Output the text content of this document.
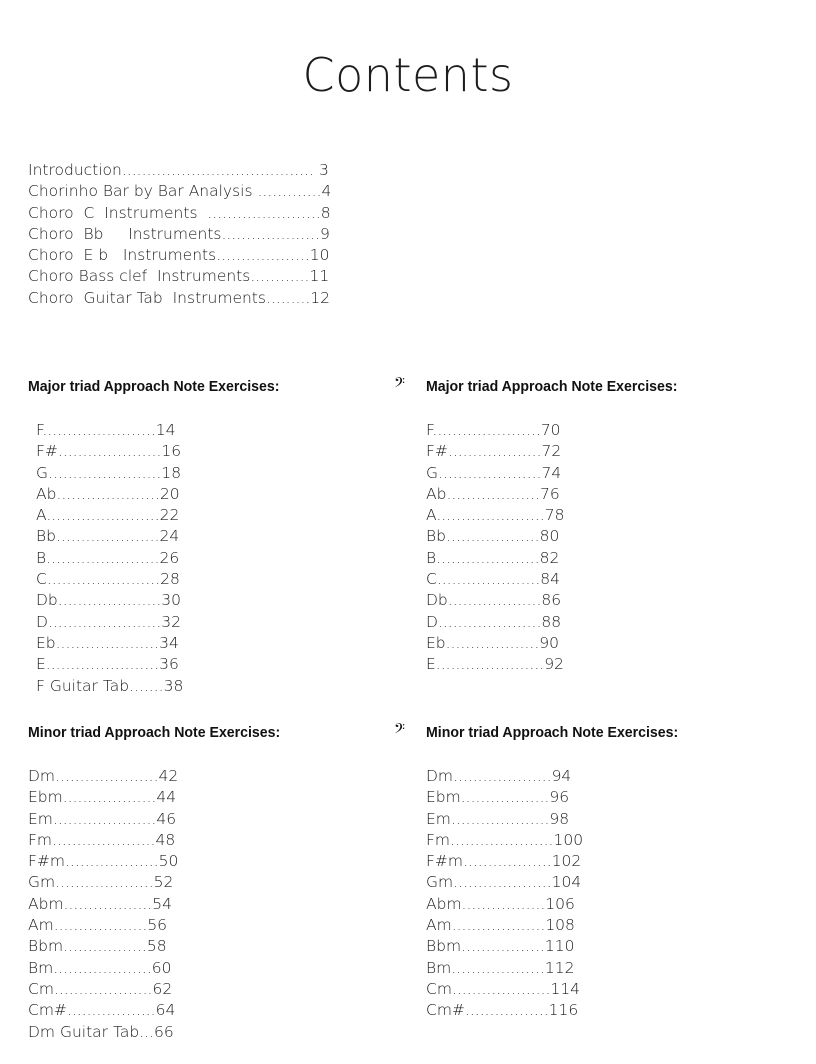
Contents
Introduction....................................... 3
Chorinho Bar by Bar Analysis .............4
Choro  C  Instruments  .......................8
Choro  Bb     Instruments....................9
Choro  E b   Instruments...................10
Choro Bass clef  Instruments............11
Choro  Guitar Tab  Instruments.........12
Major triad Approach Note Exercises:
F.......................14
F#.....................16
G.......................18
Ab.....................20
A.......................22
Bb.....................24
B.......................26
C.......................28
Db.....................30
D.......................32
Eb.....................34
E.......................36
F Guitar Tab.......38
𝄢 Major triad Approach Note Exercises:
F......................70
F#...................72
G.....................74
Ab...................76
A......................78
Bb...................80
B.....................82
C.....................84
Db...................86
D.....................88
Eb...................90
E......................92
Minor triad Approach Note Exercises:
Dm.....................42
Ebm...................44
Em.....................46
Fm.....................48
F#m...................50
Gm....................52
Abm..................54
Am...................56
Bbm.................58
Bm....................60
Cm....................62
Cm#..................64
Dm Guitar Tab...66
𝄢 Minor triad Approach Note Exercises:
Dm....................94
Ebm..................96
Em....................98
Fm.....................100
F#m..................102
Gm....................104
Abm.................106
Am...................108
Bbm.................110
Bm...................112
Cm....................114
Cm#.................116
